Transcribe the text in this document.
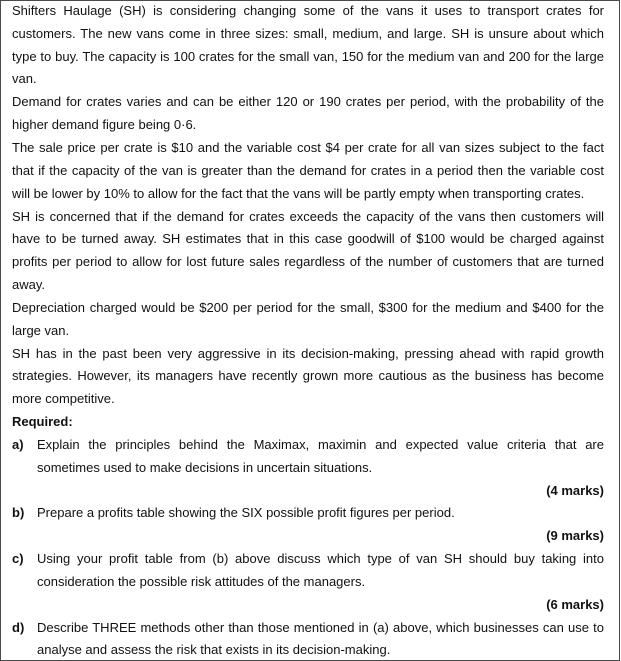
Shifters Haulage (SH) is considering changing some of the vans it uses to transport crates for
customers. The new vans come in three sizes: small, medium, and large. SH is unsure about which
type to buy. The capacity is 100 crates for the small van, 150 for the medium van and 200 for the large
van.
Demand for crates varies and can be either 120 or 190 crates per period, with the probability of the
higher demand figure being 0·6.
The sale price per crate is $10 and the variable cost $4 per crate for all van sizes subject to the fact
that if the capacity of the van is greater than the demand for crates in a period then the variable cost
will be lower by 10% to allow for the fact that the vans will be partly empty when transporting crates.
SH is concerned that if the demand for crates exceeds the capacity of the vans then customers will
have to be turned away. SH estimates that in this case goodwill of $100 would be charged against
profits per period to allow for lost future sales regardless of the number of customers that are turned
away.
Depreciation charged would be $200 per period for the small, $300 for the medium and $400 for the
large van.
SH has in the past been very aggressive in its decision-making, pressing ahead with rapid growth
strategies. However, its managers have recently grown more cautious as the business has become
more competitive.
Required:
a) Explain the principles behind the Maximax, maximin and expected value criteria that are
sometimes used to make decisions in uncertain situations.
(4 marks)
b) Prepare a profits table showing the SIX possible profit figures per period.
(9 marks)
c) Using your profit table from (b) above discuss which type of van SH should buy taking into
consideration the possible risk attitudes of the managers.
(6 marks)
d) Describe THREE methods other than those mentioned in (a) above, which businesses can use to
analyse and assess the risk that exists in its decision-making.
